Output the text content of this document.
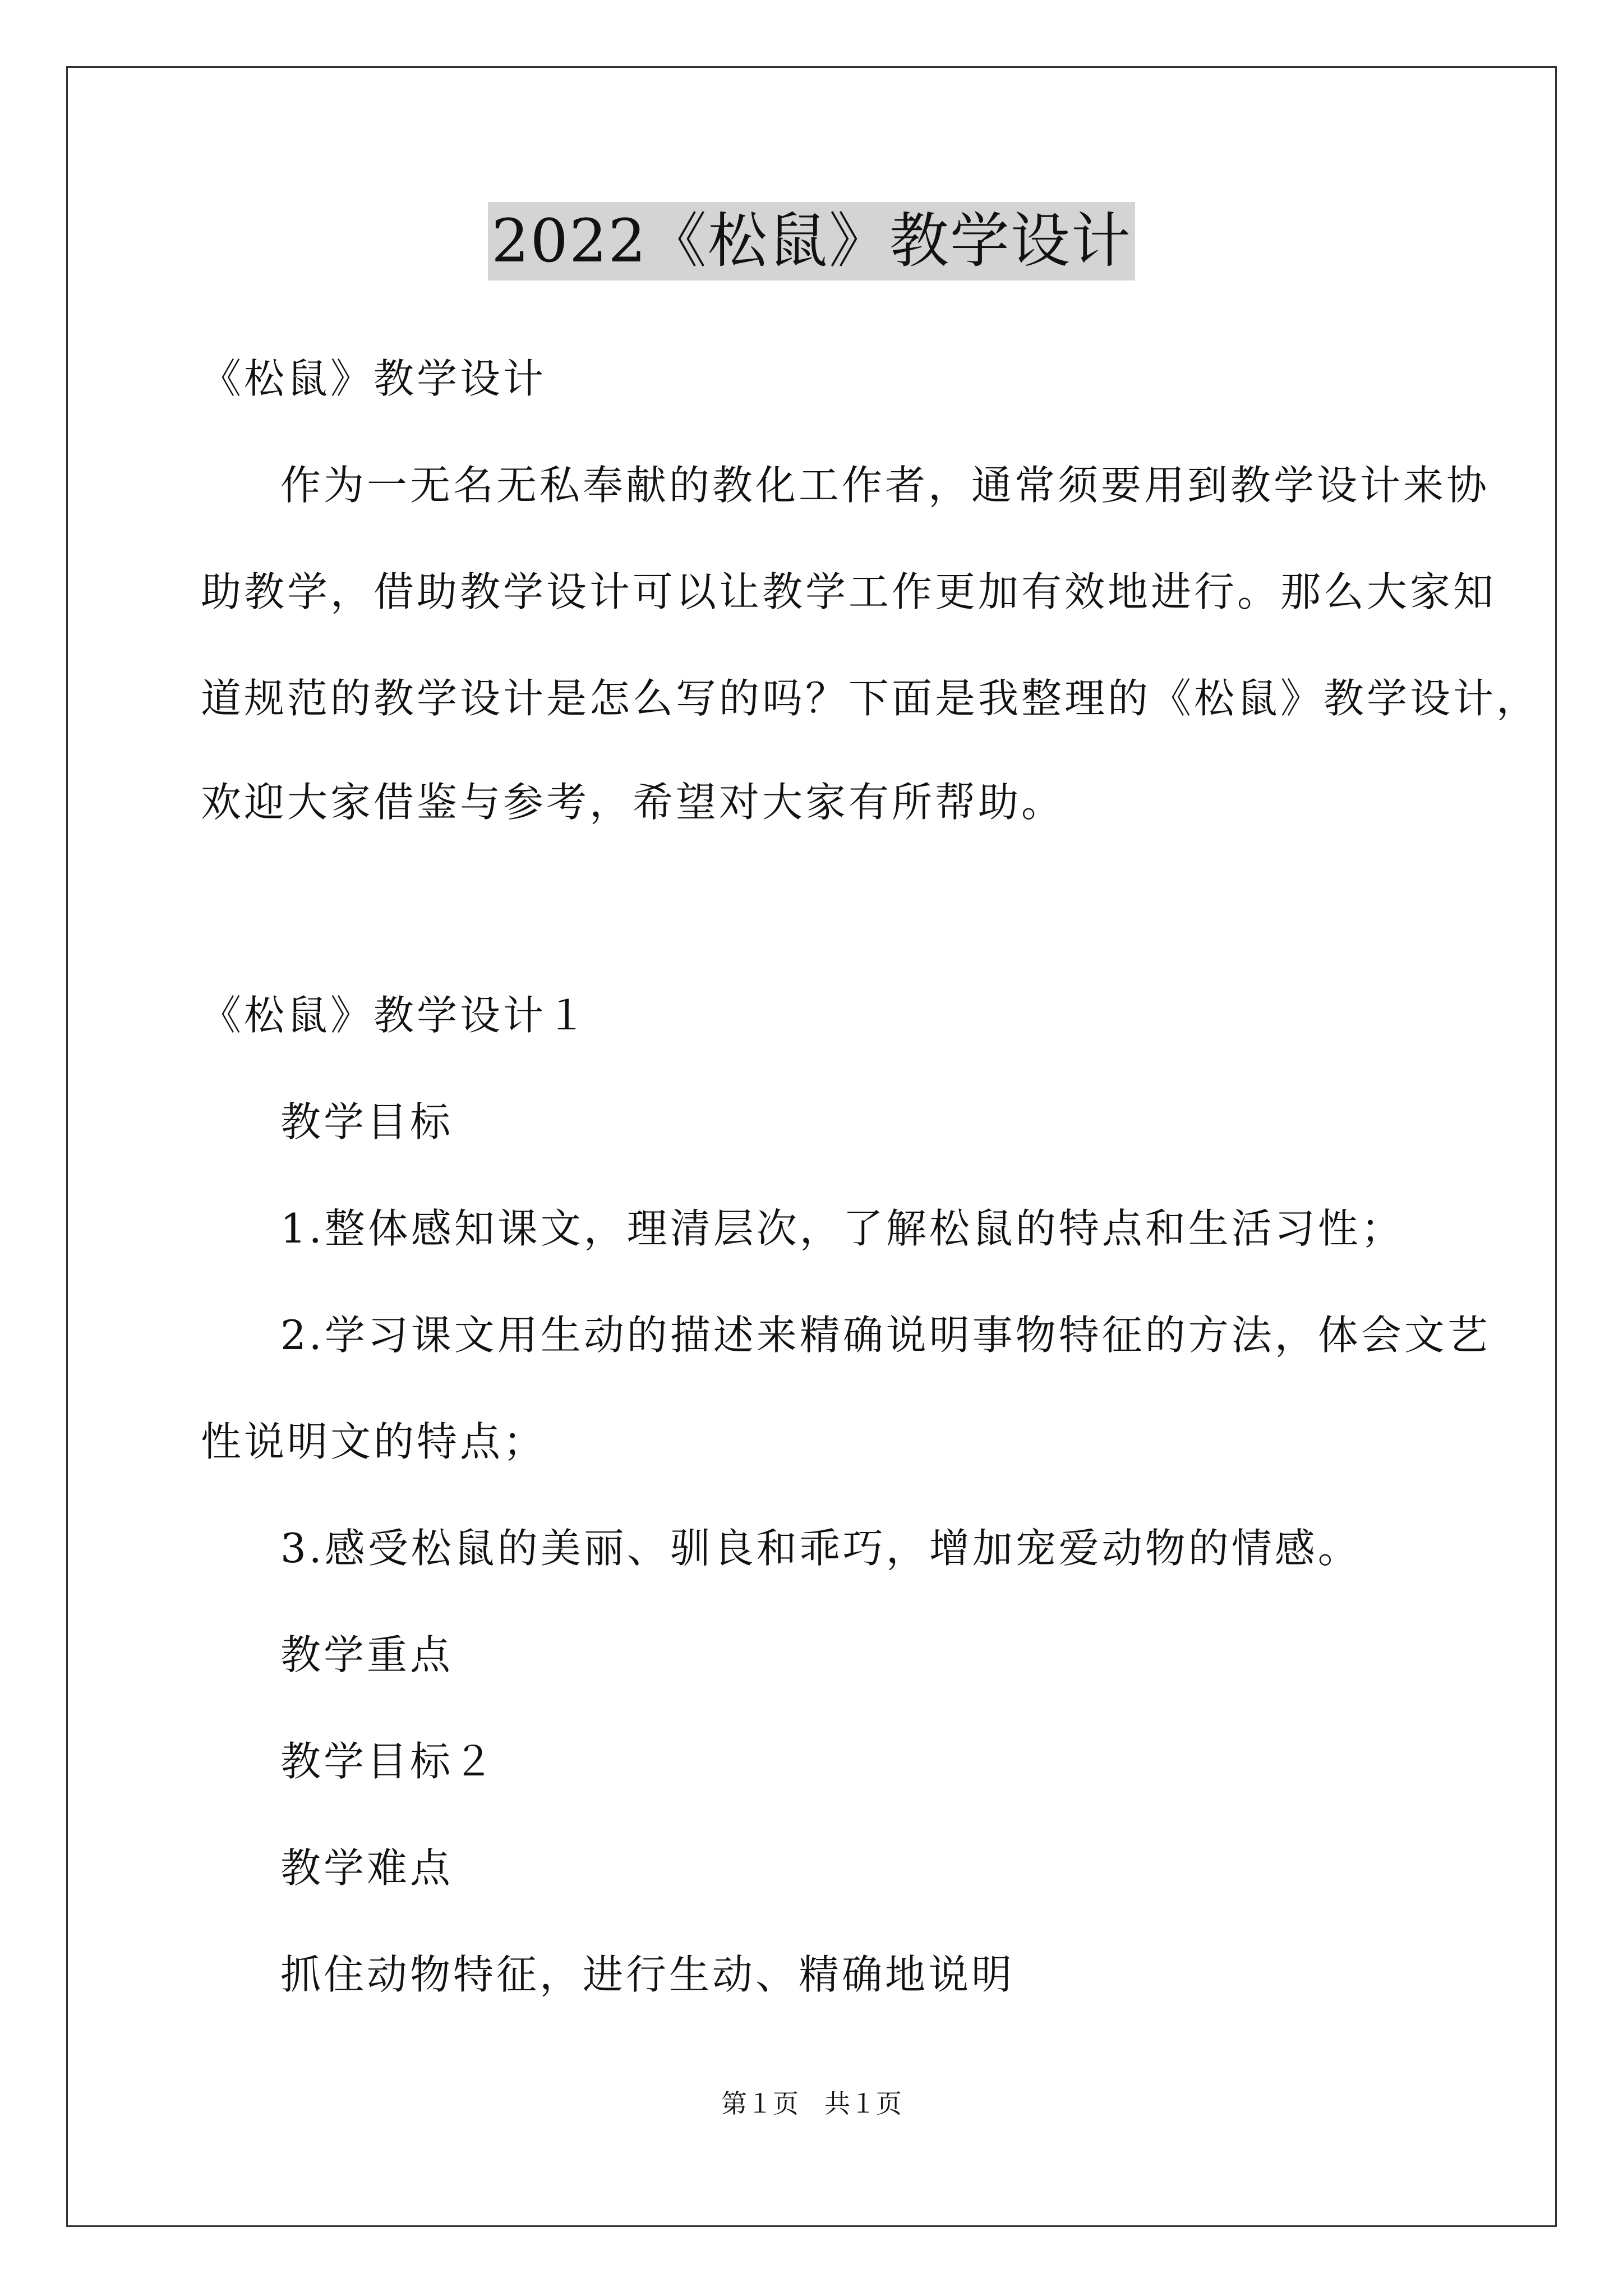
2022《松鼠》教学设计
《松鼠》教学设计
作为一无名无私奉献的教化工作者，通常须要用到教学设计来协
助教学，借助教学设计可以让教学工作更加有效地进行。那么大家知
道规范的教学设计是怎么写的吗？下面是我整理的《松鼠》教学设计，
欢迎大家借鉴与参考，希望对大家有所帮助。
《松鼠》教学设计１
教学目标
1.整体感知课文，理清层次，了解松鼠的特点和生活习性；
2.学习课文用生动的描述来精确说明事物特征的方法，体会文艺
性说明文的特点；
3.感受松鼠的美丽、驯良和乖巧，增加宠爱动物的情感。
教学重点
教学目标２
教学难点
抓住动物特征，进行生动、精确地说明
第１页　共１页
